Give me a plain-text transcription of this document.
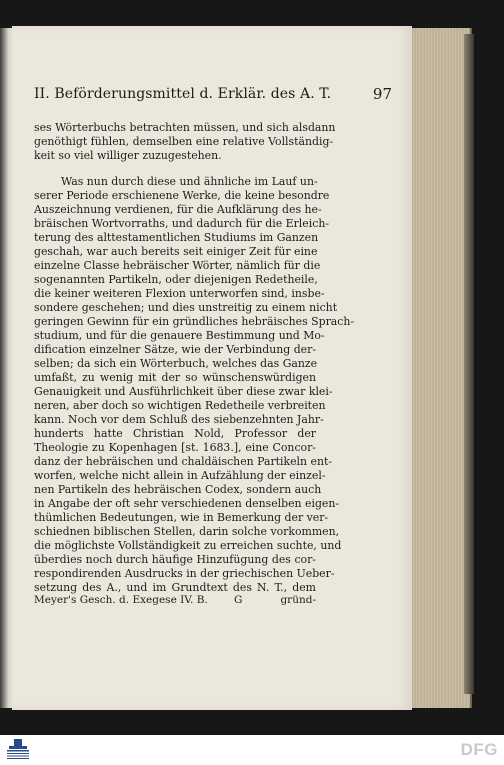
II. Beförderungsmittel d. Erklär. des A. T.	97
ses Wörterbuchs betrachten müssen, und sich alsdann
genöthigt fühlen, demselben eine relative Vollständig-
keit so viel williger zuzugestehen.
Was nun durch diese und ähnliche im Lauf un-
serer Periode erschienene Werke, die keine besondre
Auszeichnung verdienen, für die Aufklärung des he-
bräischen Wortvorraths, und dadurch für die Erleich-
terung des alttestamentlichen Studiums im Ganzen
geschah, war auch bereits seit einiger Zeit für eine
einzelne Classe hebräischer Wörter, nämlich für die
sogenannten Partikeln, oder diejenigen Redetheile,
die keiner weiteren Flexion unterworfen sind, insbe-
sondere geschehen; und dies unstreitig zu einem nicht
geringen Gewinn für ein gründliches hebräisches Sprach-
studium, und für die genauere Bestimmung und Mo-
dification einzelner Sätze, wie der Verbindung der-
selben; da sich ein Wörterbuch, welches das Ganze
umfaßt, zu wenig mit der so wünschenswürdigen
Genauigkeit und Ausführlichkeit über diese zwar klei-
neren, aber doch so wichtigen Redetheile verbreiten
kann. Noch vor dem Schluß des siebenzehnten Jahr-
hunderts hatte Christian Nold, Professor der
Theologie zu Kopenhagen [st. 1683.], eine Concor-
danz der hebräischen und chaldäischen Partikeln ent-
worfen, welche nicht allein in Aufzählung der einzel-
nen Partikeln des hebräischen Codex, sondern auch
in Angabe der oft sehr verschiedenen denselben eigen-
thümlichen Bedeutungen, wie in Bemerkung der ver-
schiednen biblischen Stellen, darin solche vorkommen,
die möglichste Vollständigkeit zu erreichen suchte, und
überdies noch durch häufige Hinzufügung des cor-
respondirenden Ausdrucks in der griechischen Ueber-
setzung des A., und im Grundtext des N. T., dem
Meyer's Gesch. d. Exegese IV. B.	G	gründ-
DFG
